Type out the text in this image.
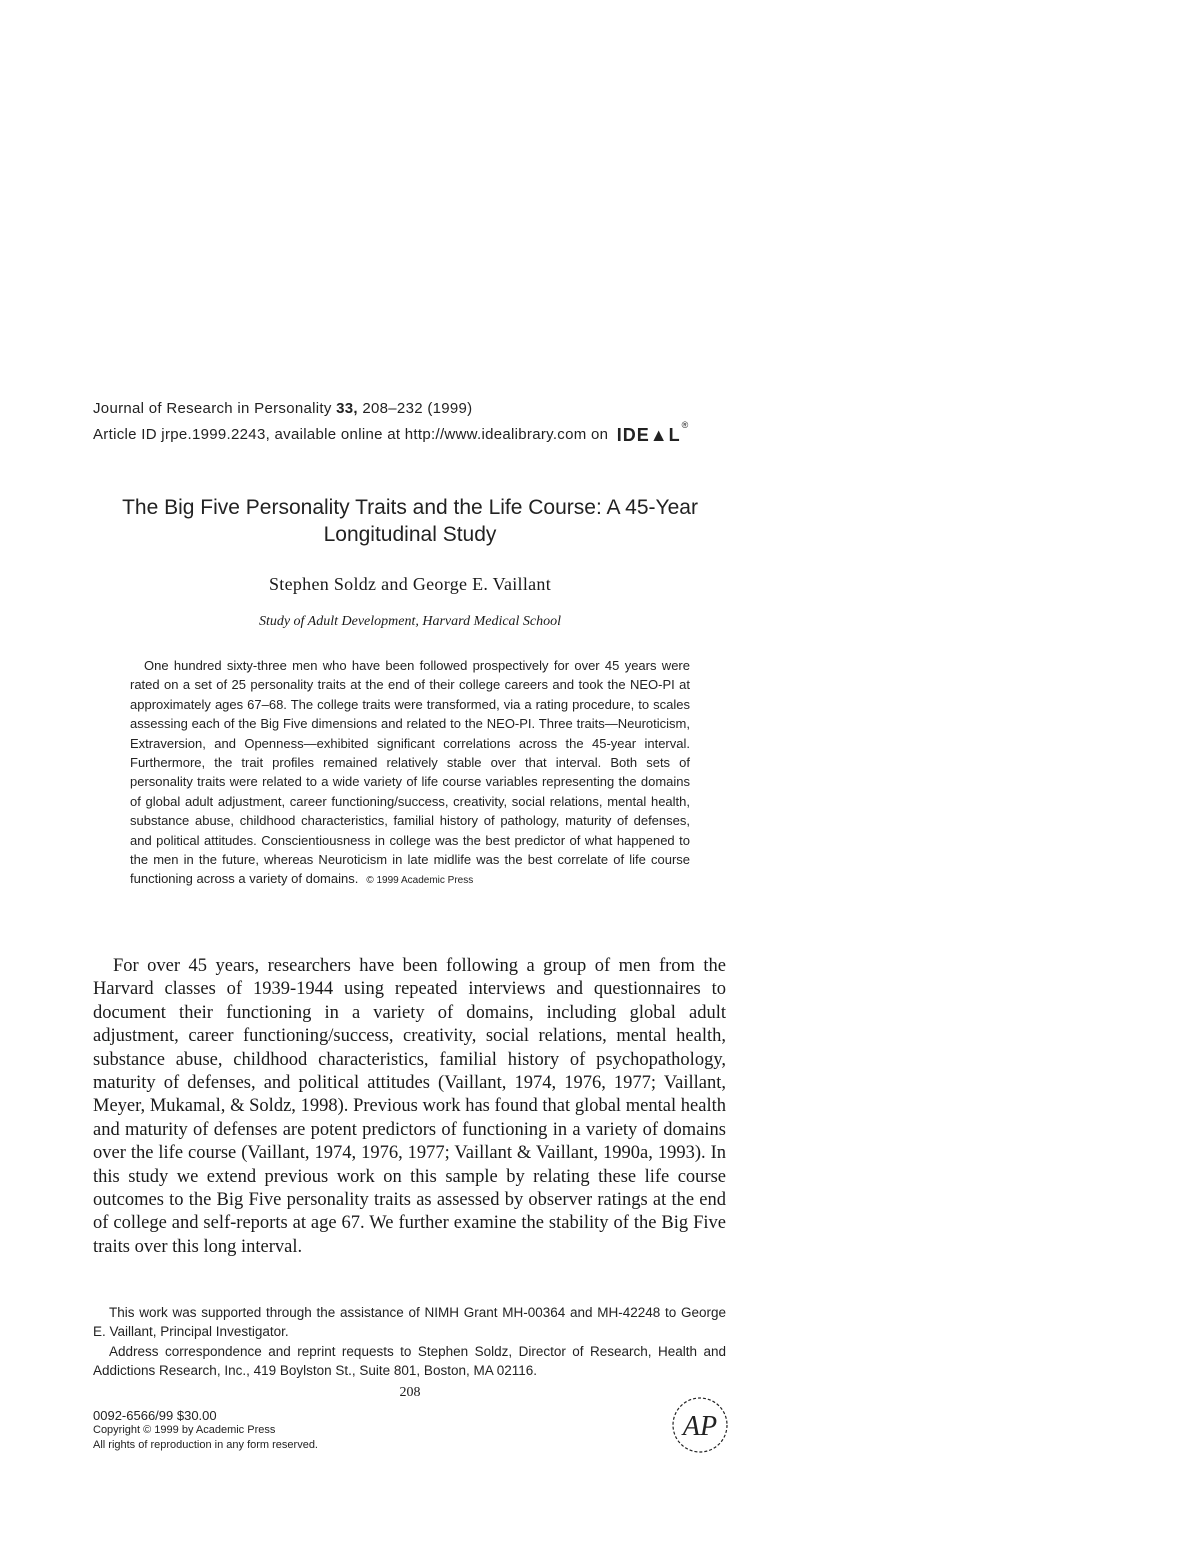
Journal of Research in Personality 33, 208–232 (1999)
Article ID jrpe.1999.2243, available online at http://www.idealibrary.com on IDE▲L®
The Big Five Personality Traits and the Life Course: A 45-Year
Longitudinal Study
Stephen Soldz and George E. Vaillant
Study of Adult Development, Harvard Medical School
One hundred sixty-three men who have been followed prospectively for over 45 years were rated on a set of 25 personality traits at the end of their college careers and took the NEO-PI at approximately ages 67–68. The college traits were transformed, via a rating procedure, to scales assessing each of the Big Five dimensions and related to the NEO-PI. Three traits—Neuroticism, Extraversion, and Openness—exhibited significant correlations across the 45-year interval. Furthermore, the trait profiles remained relatively stable over that interval. Both sets of personality traits were related to a wide variety of life course variables representing the domains of global adult adjustment, career functioning/success, creativity, social relations, mental health, substance abuse, childhood characteristics, familial history of pathology, maturity of defenses, and political attitudes. Conscientiousness in college was the best predictor of what happened to the men in the future, whereas Neuroticism in late midlife was the best correlate of life course functioning across a variety of domains. © 1999 Academic Press
For over 45 years, researchers have been following a group of men from the Harvard classes of 1939-1944 using repeated interviews and questionnaires to document their functioning in a variety of domains, including global adult adjustment, career functioning/success, creativity, social relations, mental health, substance abuse, childhood characteristics, familial history of psychopathology, maturity of defenses, and political attitudes (Vaillant, 1974, 1976, 1977; Vaillant, Meyer, Mukamal, & Soldz, 1998). Previous work has found that global mental health and maturity of defenses are potent predictors of functioning in a variety of domains over the life course (Vaillant, 1974, 1976, 1977; Vaillant & Vaillant, 1990a, 1993). In this study we extend previous work on this sample by relating these life course outcomes to the Big Five personality traits as assessed by observer ratings at the end of college and self-reports at age 67. We further examine the stability of the Big Five traits over this long interval.
This work was supported through the assistance of NIMH Grant MH-00364 and MH-42248 to George E. Vaillant, Principal Investigator.
Address correspondence and reprint requests to Stephen Soldz, Director of Research, Health and Addictions Research, Inc., 419 Boylston St., Suite 801, Boston, MA 02116.
208
0092-6566/99 $30.00
Copyright © 1999 by Academic Press
All rights of reproduction in any form reserved.
AP
